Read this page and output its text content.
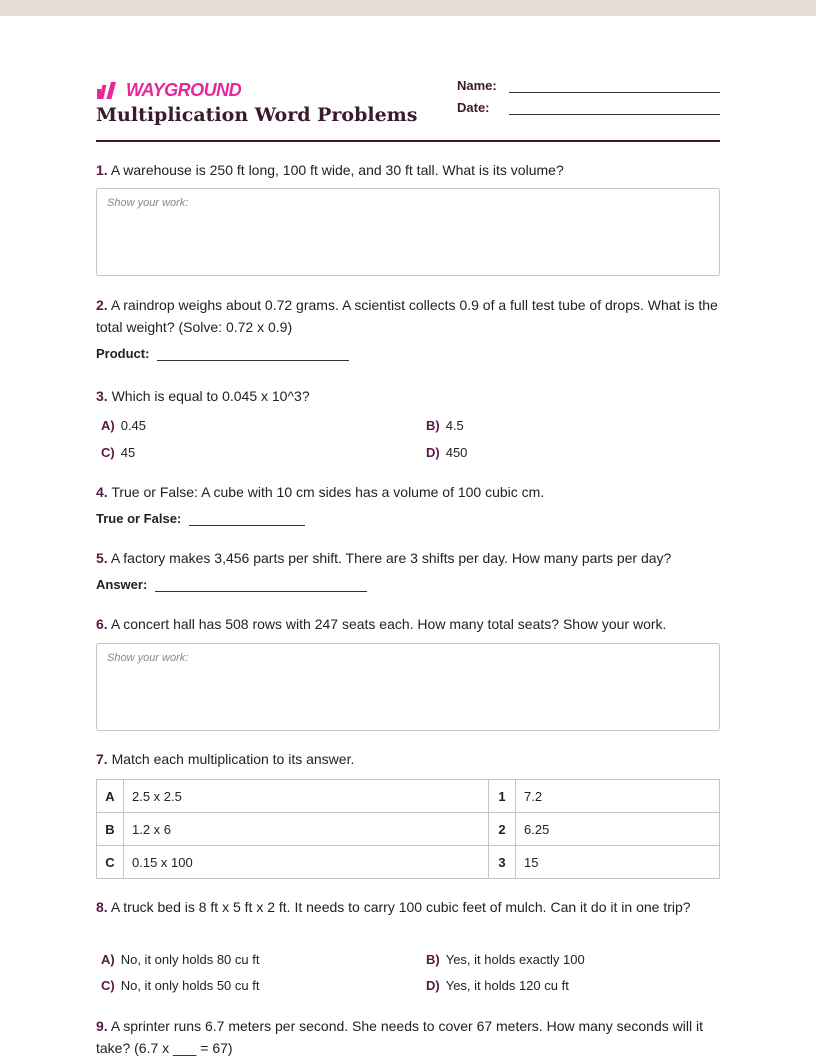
WAYGROUND
Multiplication Word Problems
Name:
Date:
1. A warehouse is 250 ft long, 100 ft wide, and 30 ft tall. What is its volume?
Show your work:
2. A raindrop weighs about 0.72 grams. A scientist collects 0.9 of a full test tube of drops. What is the total weight? (Solve: 0.72 x 0.9)
Product:
3. Which is equal to 0.045 x 10^3?
A) 0.45	B) 4.5
C) 45	D) 450
4. True or False: A cube with 10 cm sides has a volume of 100 cubic cm.
True or False:
5. A factory makes 3,456 parts per shift. There are 3 shifts per day. How many parts per day?
Answer:
6. A concert hall has 508 rows with 247 seats each. How many total seats? Show your work.
Show your work:
7. Match each multiplication to its answer.
A	2.5 x 2.5	1	7.2
B	1.2 x 6	2	6.25
C	0.15 x 100	3	15
8. A truck bed is 8 ft x 5 ft x 2 ft. It needs to carry 100 cubic feet of mulch. Can it do it in one trip?
A) No, it only holds 80 cu ft	B) Yes, it holds exactly 100
C) No, it only holds 50 cu ft	D) Yes, it holds 120 cu ft
9. A sprinter runs 6.7 meters per second. She needs to cover 67 meters. How many seconds will it take? (6.7 x ___ = 67)
